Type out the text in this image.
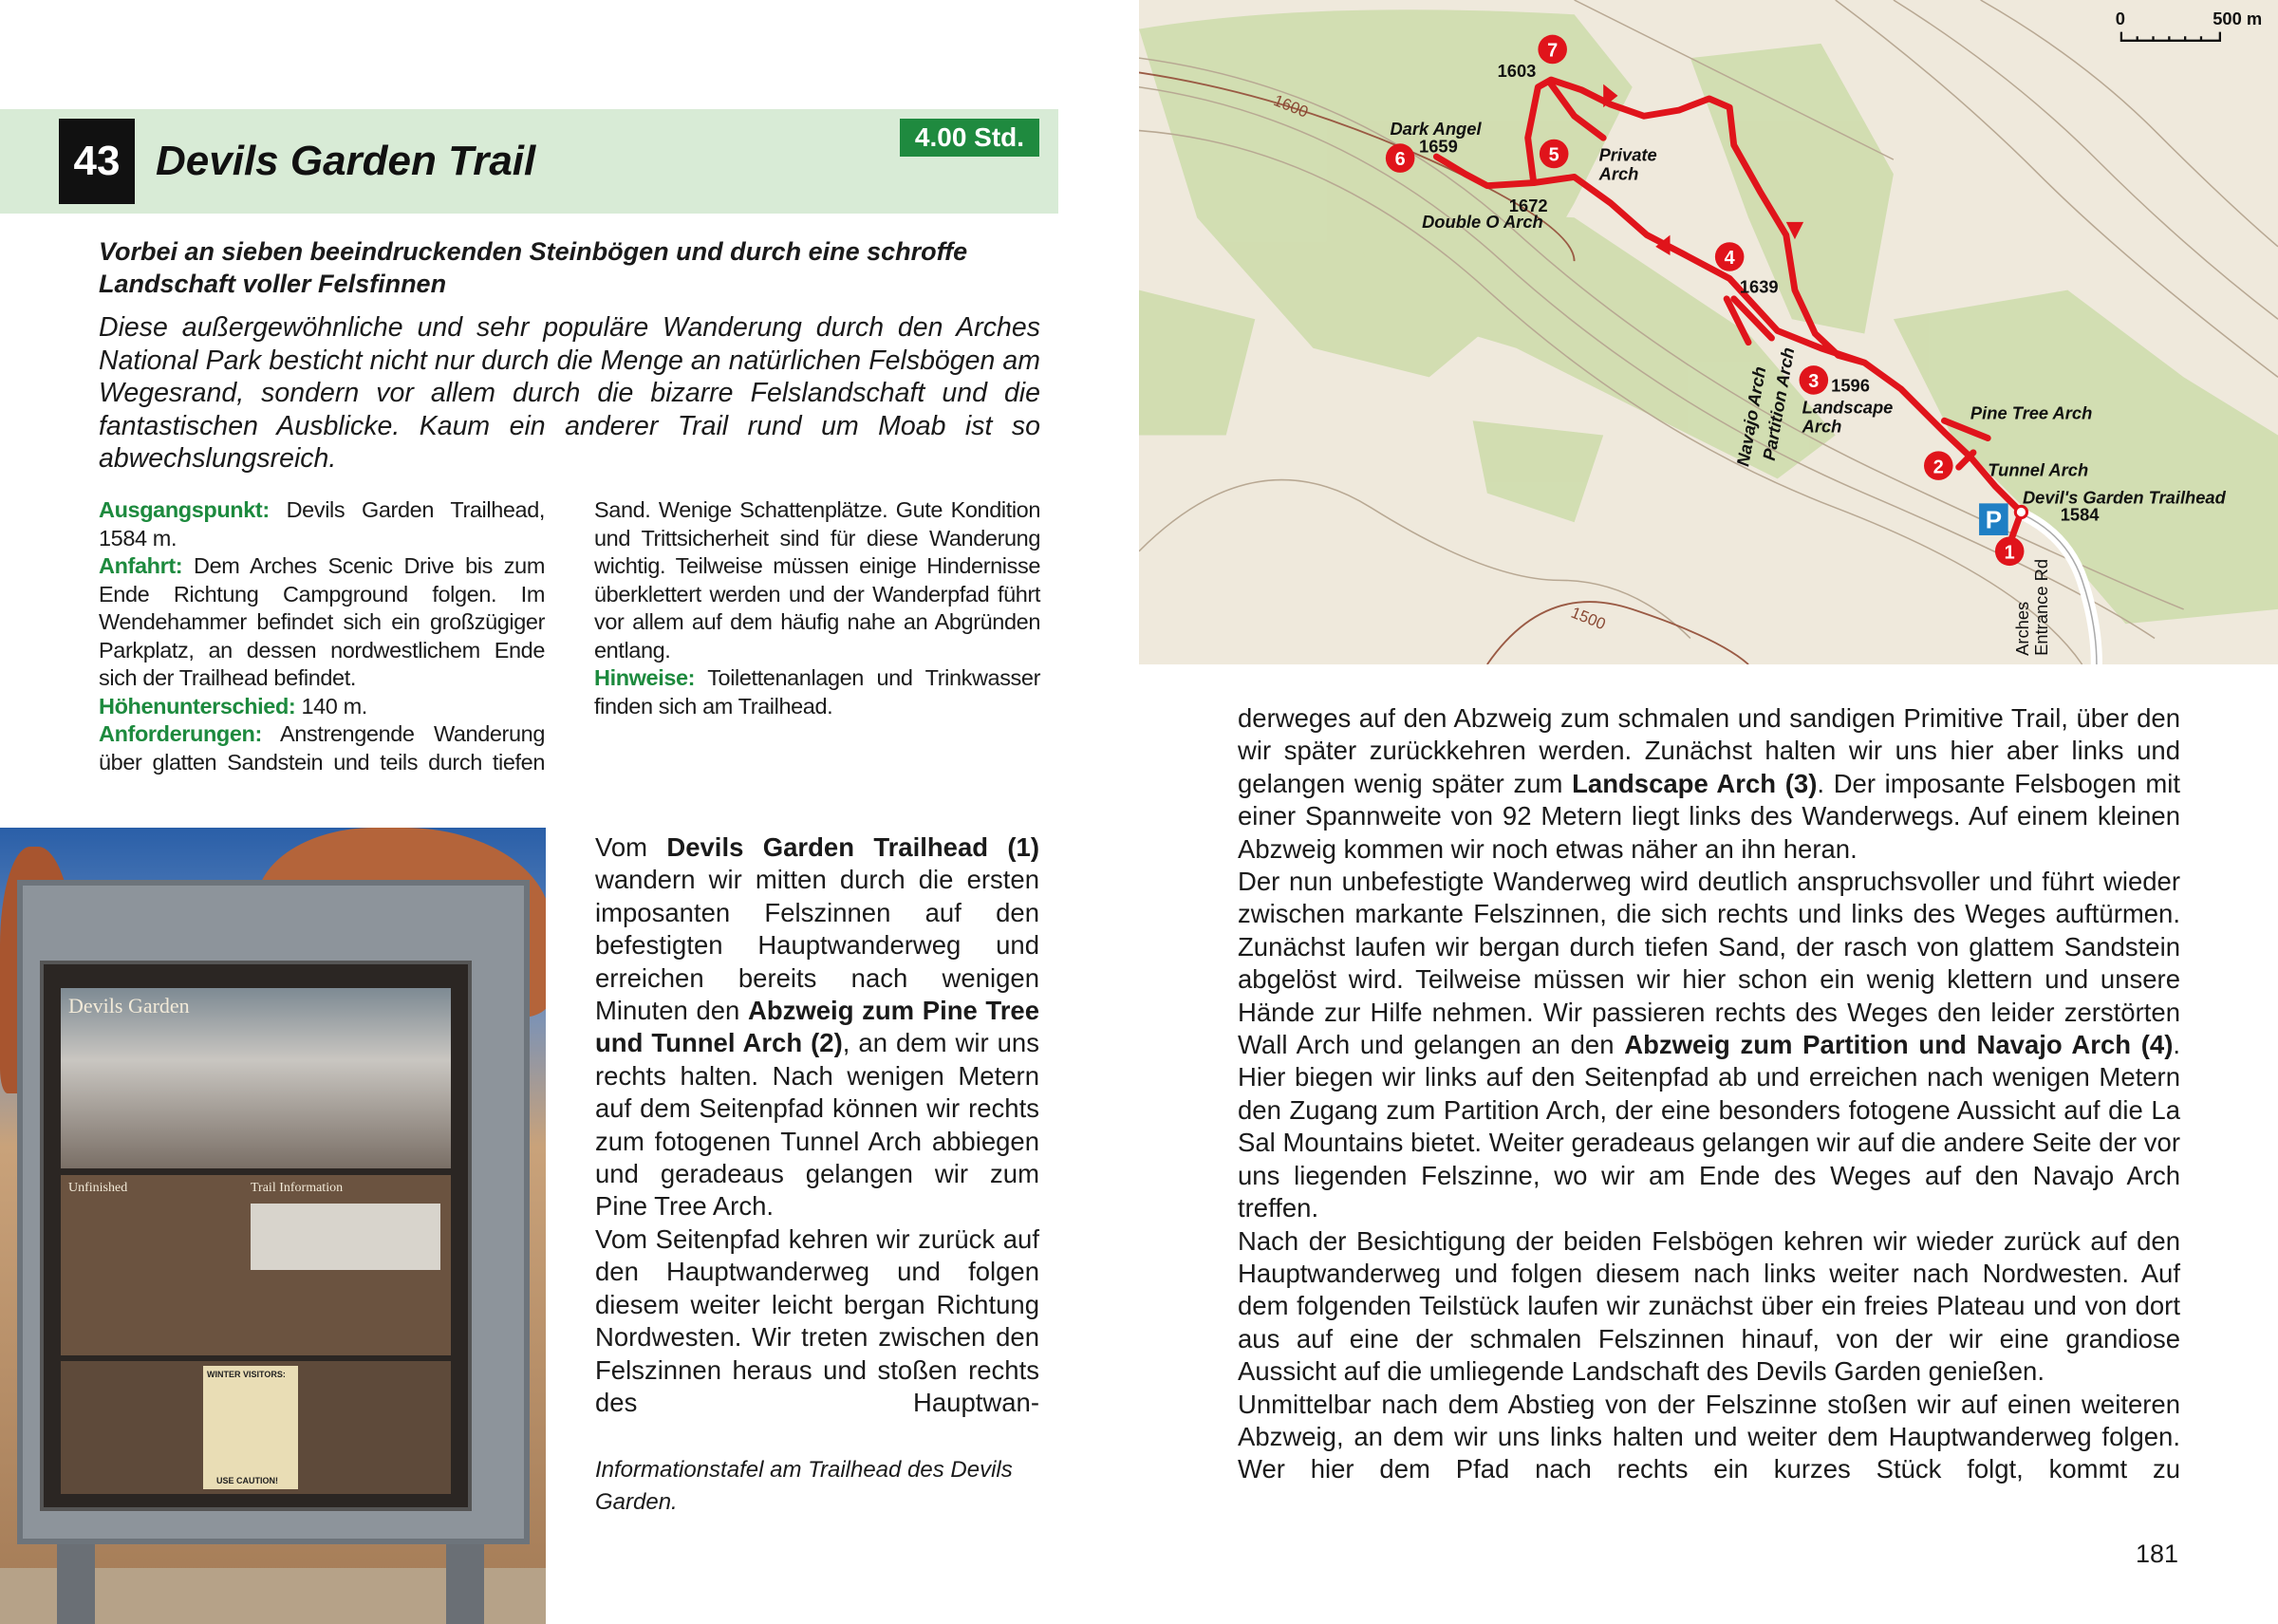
43 Devils Garden Trail
4.00 Std.
Vorbei an sieben beeindruckenden Steinbögen und durch eine schroffe Landschaft voller Felsfinnen
Diese außergewöhnliche und sehr populäre Wanderung durch den Arches National Park besticht nicht nur durch die Menge an natürlichen Felsbögen am Wegesrand, sondern vor allem durch die bizarre Felslandschaft und die fantastischen Ausblicke. Kaum ein anderer Trail rund um Moab ist so abwechslungsreich.

Ausgangspunkt: Devils Garden Trailhead, 1584 m.

Anfahrt: Dem Arches Scenic Drive bis zum Ende Richtung Campground folgen. Im Wendehammer befindet sich ein großzügiger Parkplatz, an dessen nordwestlichem Ende sich der Trailhead befindet.

Höhenunterschied: 140 m.

Anforderungen: Anstrengende Wanderung über glatten Sandstein und teils durch tiefen Sand. Wenige Schattenplätze. Gute Kondition und Trittsicherheit sind für diese Wanderung wichtig. Teilweise müssen einige Hindernisse überklettert werden und der Wanderpfad führt vor allem auf dem häufig nahe an Abgründen entlang.

Hinweise: Toilettenanlagen und Trinkwasser finden sich am Trailhead.

Devils Garden
Unfinished	Trail Information
WINTER VISITORS:
USE CAUTION!

Vom Devils Garden Trailhead (1) wandern wir mitten durch die ersten imposanten Felszinnen auf den befestigten Hauptwanderweg und erreichen bereits nach wenigen Minuten den Abzweig zum Pine Tree und Tunnel Arch (2), an dem wir uns rechts halten. Nach wenigen Metern auf dem Seitenpfad können wir rechts zum fotogenen Tunnel Arch abbiegen und geradeaus gelangen wir zum Pine Tree Arch.

Vom Seitenpfad kehren wir zurück auf den Hauptwanderweg und folgen diesem weiter leicht bergan Richtung Nordwesten. Wir treten zwischen den Felszinnen heraus und stoßen rechts des Hauptwan-

Informationstafel am Trailhead des Devils Garden.

derweges auf den Abzweig zum schmalen und sandigen Primitive Trail, über den wir später zurückkehren werden. Zunächst halten wir uns hier aber links und gelangen wenig später zum Landscape Arch (3). Der imposante Felsbogen mit einer Spannweite von 92 Metern liegt links des Wanderwegs. Auf einem kleinen Abzweig kommen wir noch etwas näher an ihn heran.

Der nun unbefestigte Wanderweg wird deutlich anspruchsvoller und führt wieder zwischen markante Felszinnen, die sich rechts und links des Weges auftürmen. Zunächst laufen wir bergan durch tiefen Sand, der rasch von glattem Sandstein abgelöst wird. Teilweise müssen wir hier schon ein wenig klettern und unsere Hände zur Hilfe nehmen. Wir passieren rechts des Weges den leider zerstörten Wall Arch und gelangen an den Abzweig zum Partition und Navajo Arch (4). Hier biegen wir links auf den Seitenpfad ab und erreichen nach wenigen Metern den Zugang zum Partition Arch, der eine besonders fotogene Aussicht auf die La Sal Mountains bietet. Weiter geradeaus gelangen wir auf die andere Seite der vor uns liegenden Felszinne, wo wir am Ende des Weges auf den Navajo Arch treffen.

Nach der Besichtigung der beiden Felsbögen kehren wir wieder zurück auf den Hauptwanderweg und folgen diesem nach links weiter nach Nordwesten. Auf dem folgenden Teilstück laufen wir zunächst über ein freies Plateau und von dort aus auf eine der schmalen Felszinnen hinauf, von der wir eine grandiose Aussicht auf die umliegende Landschaft des Devils Garden genießen.

Unmittelbar nach dem Abstieg von der Felszinne stoßen wir auf einen weiteren Abzweig, an dem wir uns links halten und weiter dem Hauptwanderweg folgen. Wer hier dem Pfad nach rechts ein kurzes Stück folgt, kommt zu

181
P
1
2
3
4
5
6
7
1603
Dark Angel
1659	Private
Arch
1672
Double O Arch
1639
1596
Landscape
Arch
Navajo Arch
Partition Arch	Pine Tree Arch
Tunnel Arch
Devil's Garden Trailhead
1584
Arches
Entrance Rd
1600
1500
0	500 m
